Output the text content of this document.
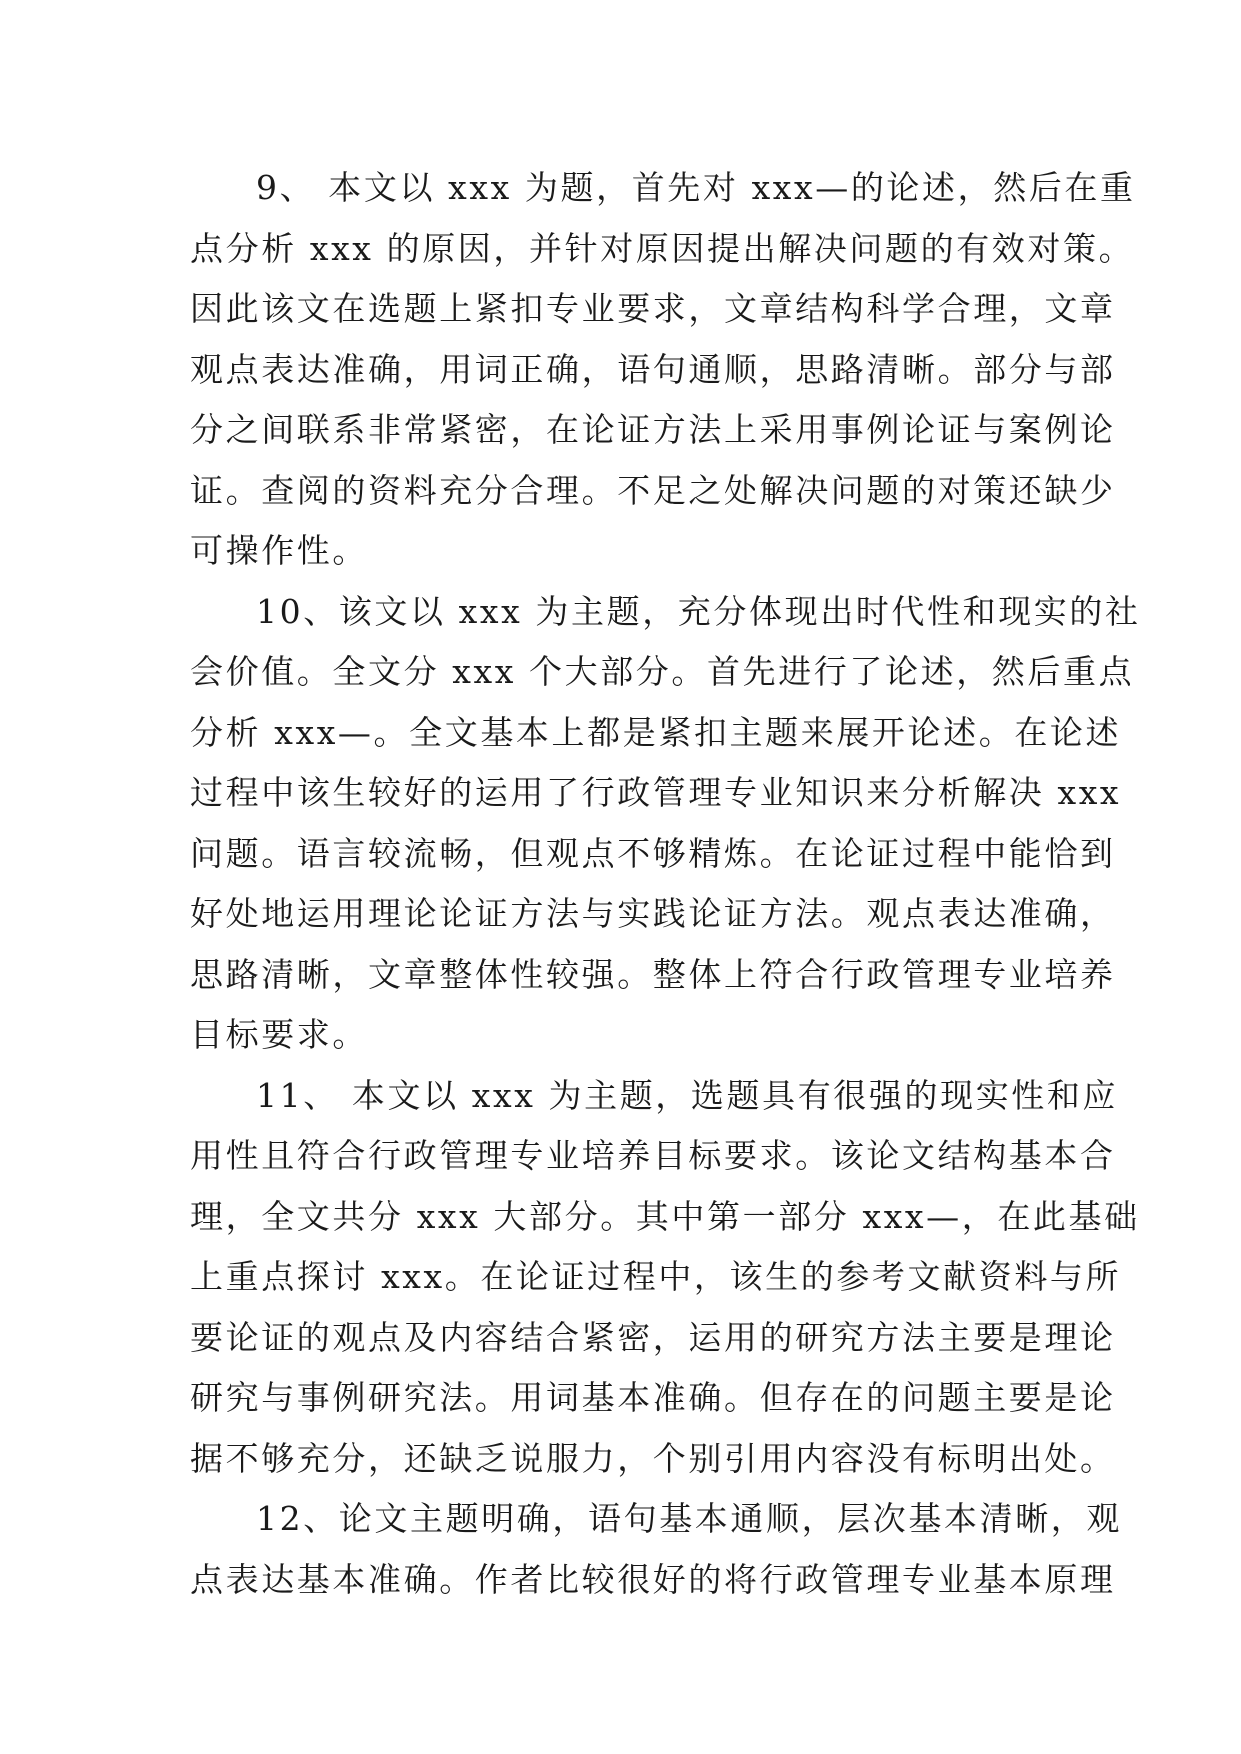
9、 本文以 xxx 为题，首先对 xxx—的论述，然后在重
点分析 xxx 的原因，并针对原因提出解决问题的有效对策。
因此该文在选题上紧扣专业要求，文章结构科学合理，文章
观点表达准确，用词正确，语句通顺，思路清晰。部分与部
分之间联系非常紧密，在论证方法上采用事例论证与案例论
证。查阅的资料充分合理。不足之处解决问题的对策还缺少
可操作性。
10、该文以 xxx 为主题，充分体现出时代性和现实的社
会价值。全文分 xxx 个大部分。首先进行了论述，然后重点
分析 xxx—。全文基本上都是紧扣主题来展开论述。在论述
过程中该生较好的运用了行政管理专业知识来分析解决 xxx
问题。语言较流畅，但观点不够精炼。在论证过程中能恰到
好处地运用理论论证方法与实践论证方法。观点表达准确，
思路清晰，文章整体性较强。整体上符合行政管理专业培养
目标要求。
11、 本文以 xxx 为主题，选题具有很强的现实性和应
用性且符合行政管理专业培养目标要求。该论文结构基本合
理，全文共分 xxx 大部分。其中第一部分 xxx—，在此基础
上重点探讨 xxx。在论证过程中，该生的参考文献资料与所
要论证的观点及内容结合紧密，运用的研究方法主要是理论
研究与事例研究法。用词基本准确。但存在的问题主要是论
据不够充分，还缺乏说服力，个别引用内容没有标明出处。
12、论文主题明确，语句基本通顺，层次基本清晰，观
点表达基本准确。作者比较很好的将行政管理专业基本原理
